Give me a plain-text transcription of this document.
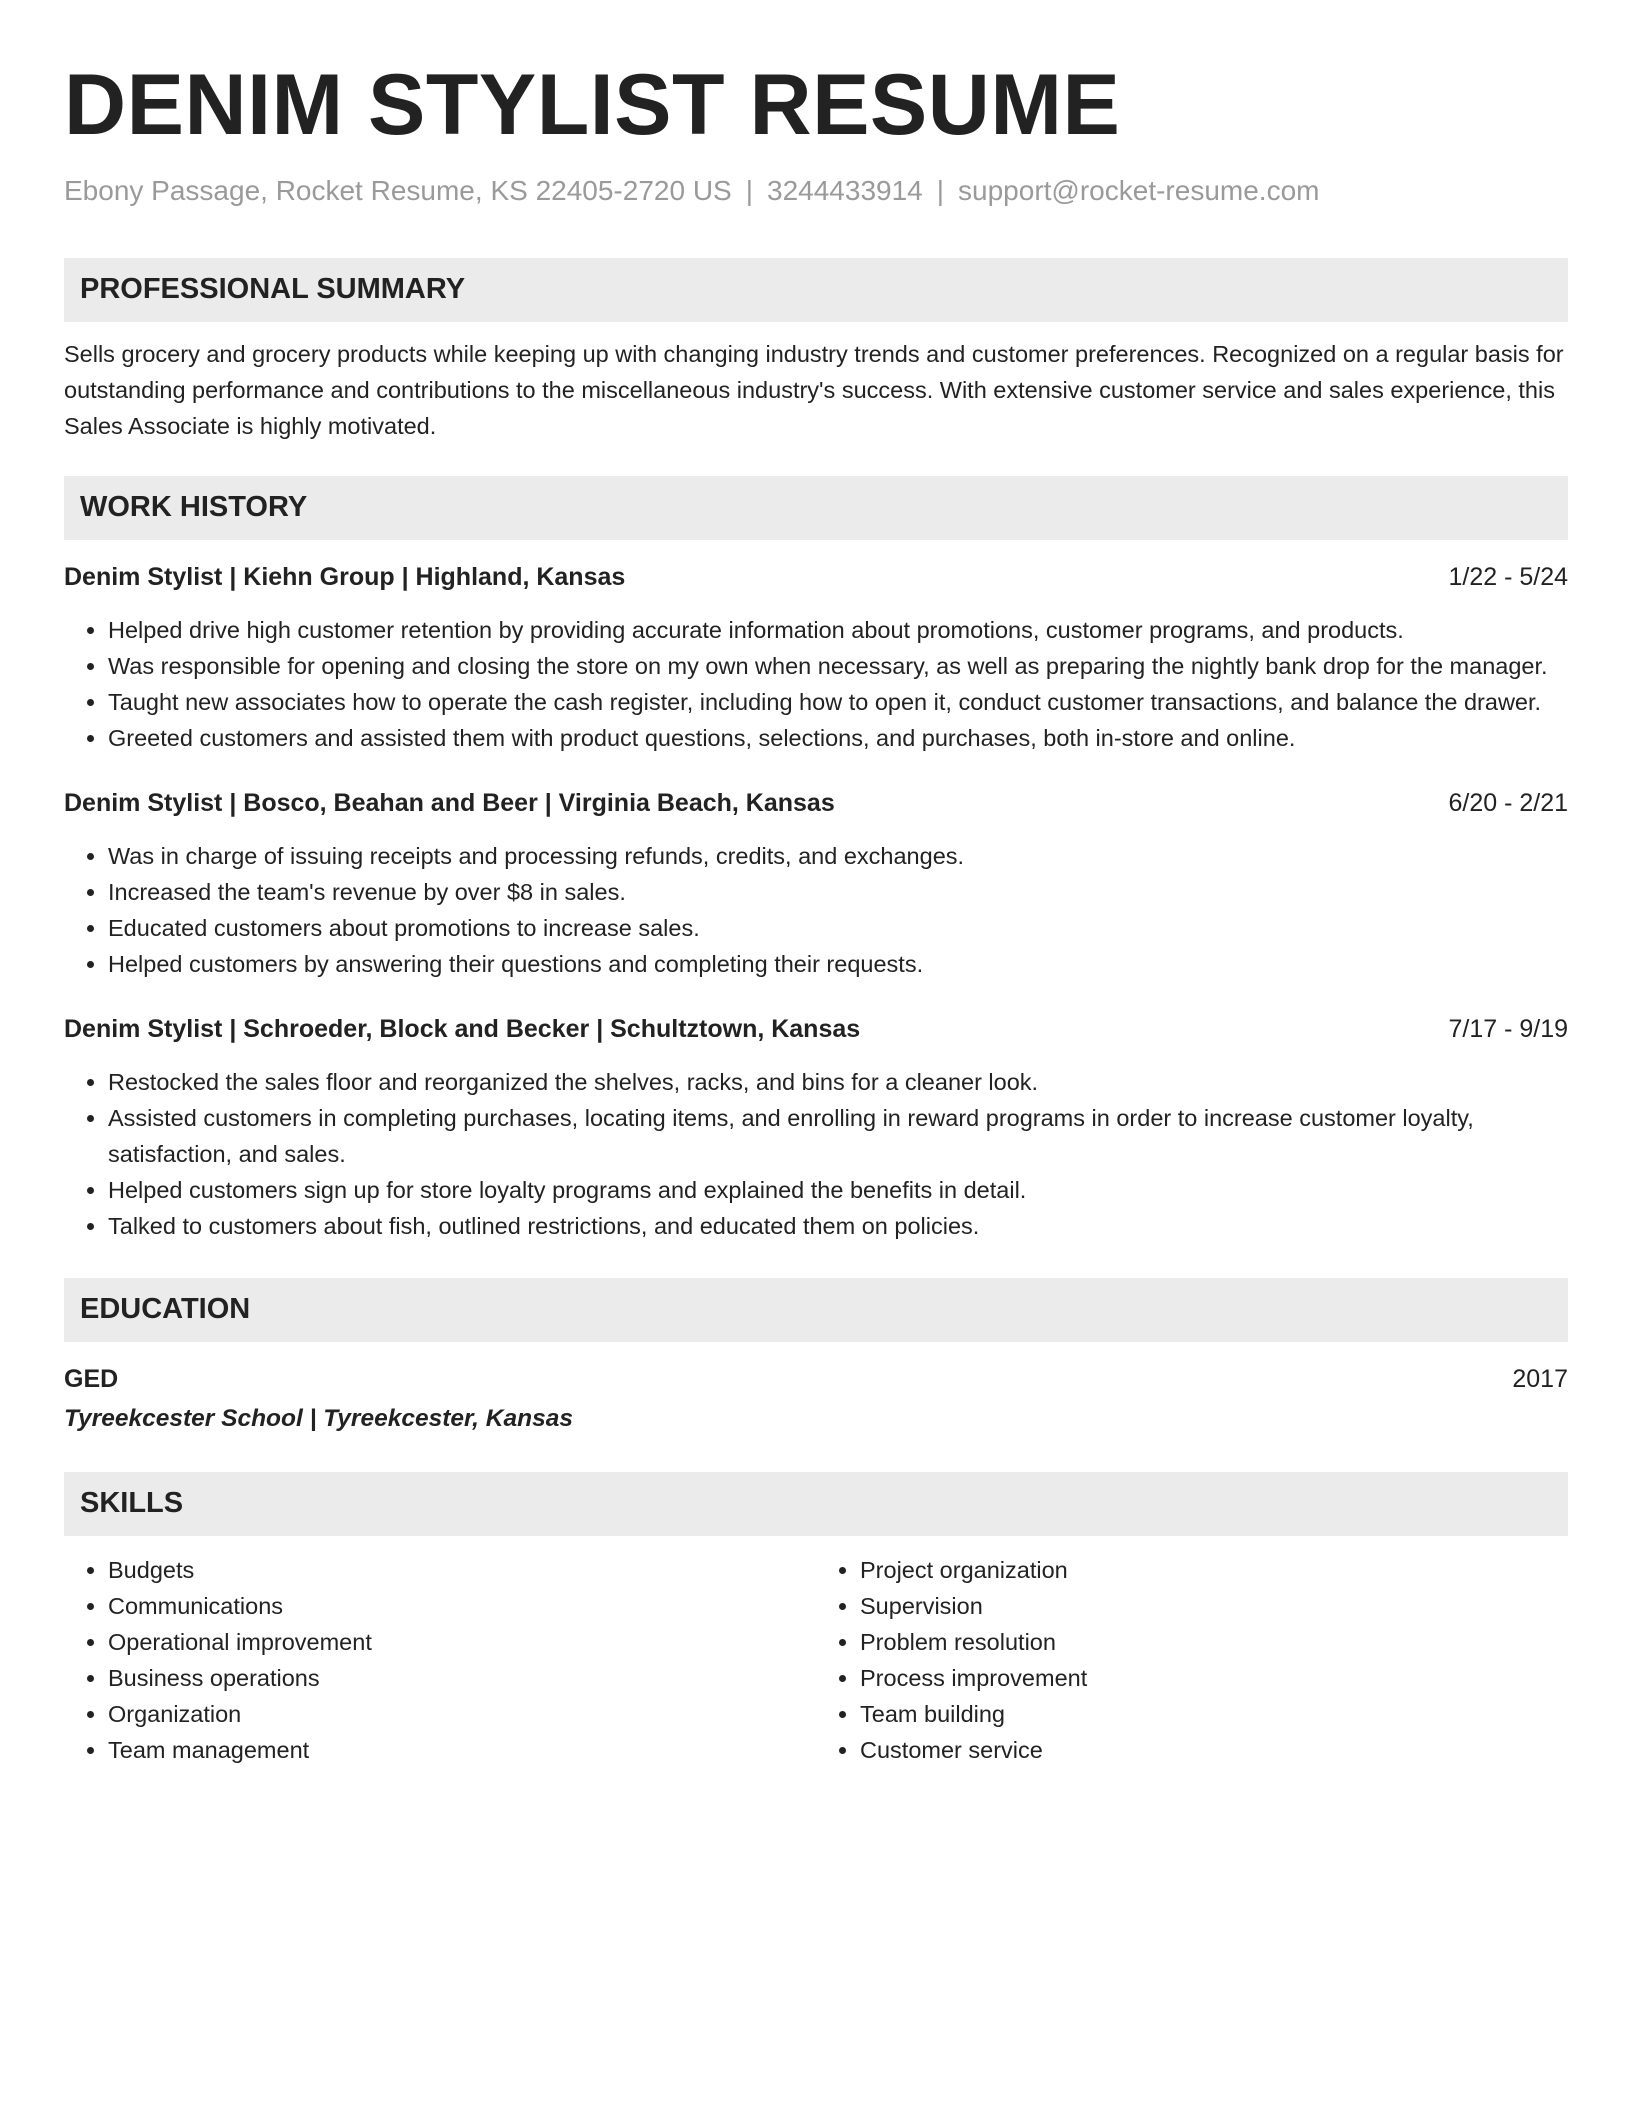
DENIM STYLIST RESUME
Ebony Passage, Rocket Resume, KS 22405-2720 US | 3244433914 | support@rocket-resume.com
PROFESSIONAL SUMMARY

Sells grocery and grocery products while keeping up with changing industry trends and customer preferences. Recognized on a regular basis for outstanding performance and contributions to the miscellaneous industry's success. With extensive customer service and sales experience, this Sales Associate is highly motivated.

WORK HISTORY
Denim Stylist | Kiehn Group | Highland, Kansas	1/22 - 5/24
• Helped drive high customer retention by providing accurate information about promotions, customer programs, and products.
• Was responsible for opening and closing the store on my own when necessary, as well as preparing the nightly bank drop for the manager.
• Taught new associates how to operate the cash register, including how to open it, conduct customer transactions, and balance the drawer.
• Greeted customers and assisted them with product questions, selections, and purchases, both in-store and online.
Denim Stylist | Bosco, Beahan and Beer | Virginia Beach, Kansas	6/20 - 2/21
• Was in charge of issuing receipts and processing refunds, credits, and exchanges.
• Increased the team's revenue by over $8 in sales.
• Educated customers about promotions to increase sales.
• Helped customers by answering their questions and completing their requests.
Denim Stylist | Schroeder, Block and Becker | Schultztown, Kansas	7/17 - 9/19
• Restocked the sales floor and reorganized the shelves, racks, and bins for a cleaner look.
• Assisted customers in completing purchases, locating items, and enrolling in reward programs in order to increase customer loyalty, satisfaction, and sales.
• Helped customers sign up for store loyalty programs and explained the benefits in detail.
• Talked to customers about fish, outlined restrictions, and educated them on policies.
EDUCATION
GED	2017
Tyreekcester School | Tyreekcester, Kansas
SKILLS
• Budgets
• Communications
• Operational improvement
• Business operations
• Organization
• Team management
• Project organization
• Supervision
• Problem resolution
• Process improvement
• Team building
• Customer service
